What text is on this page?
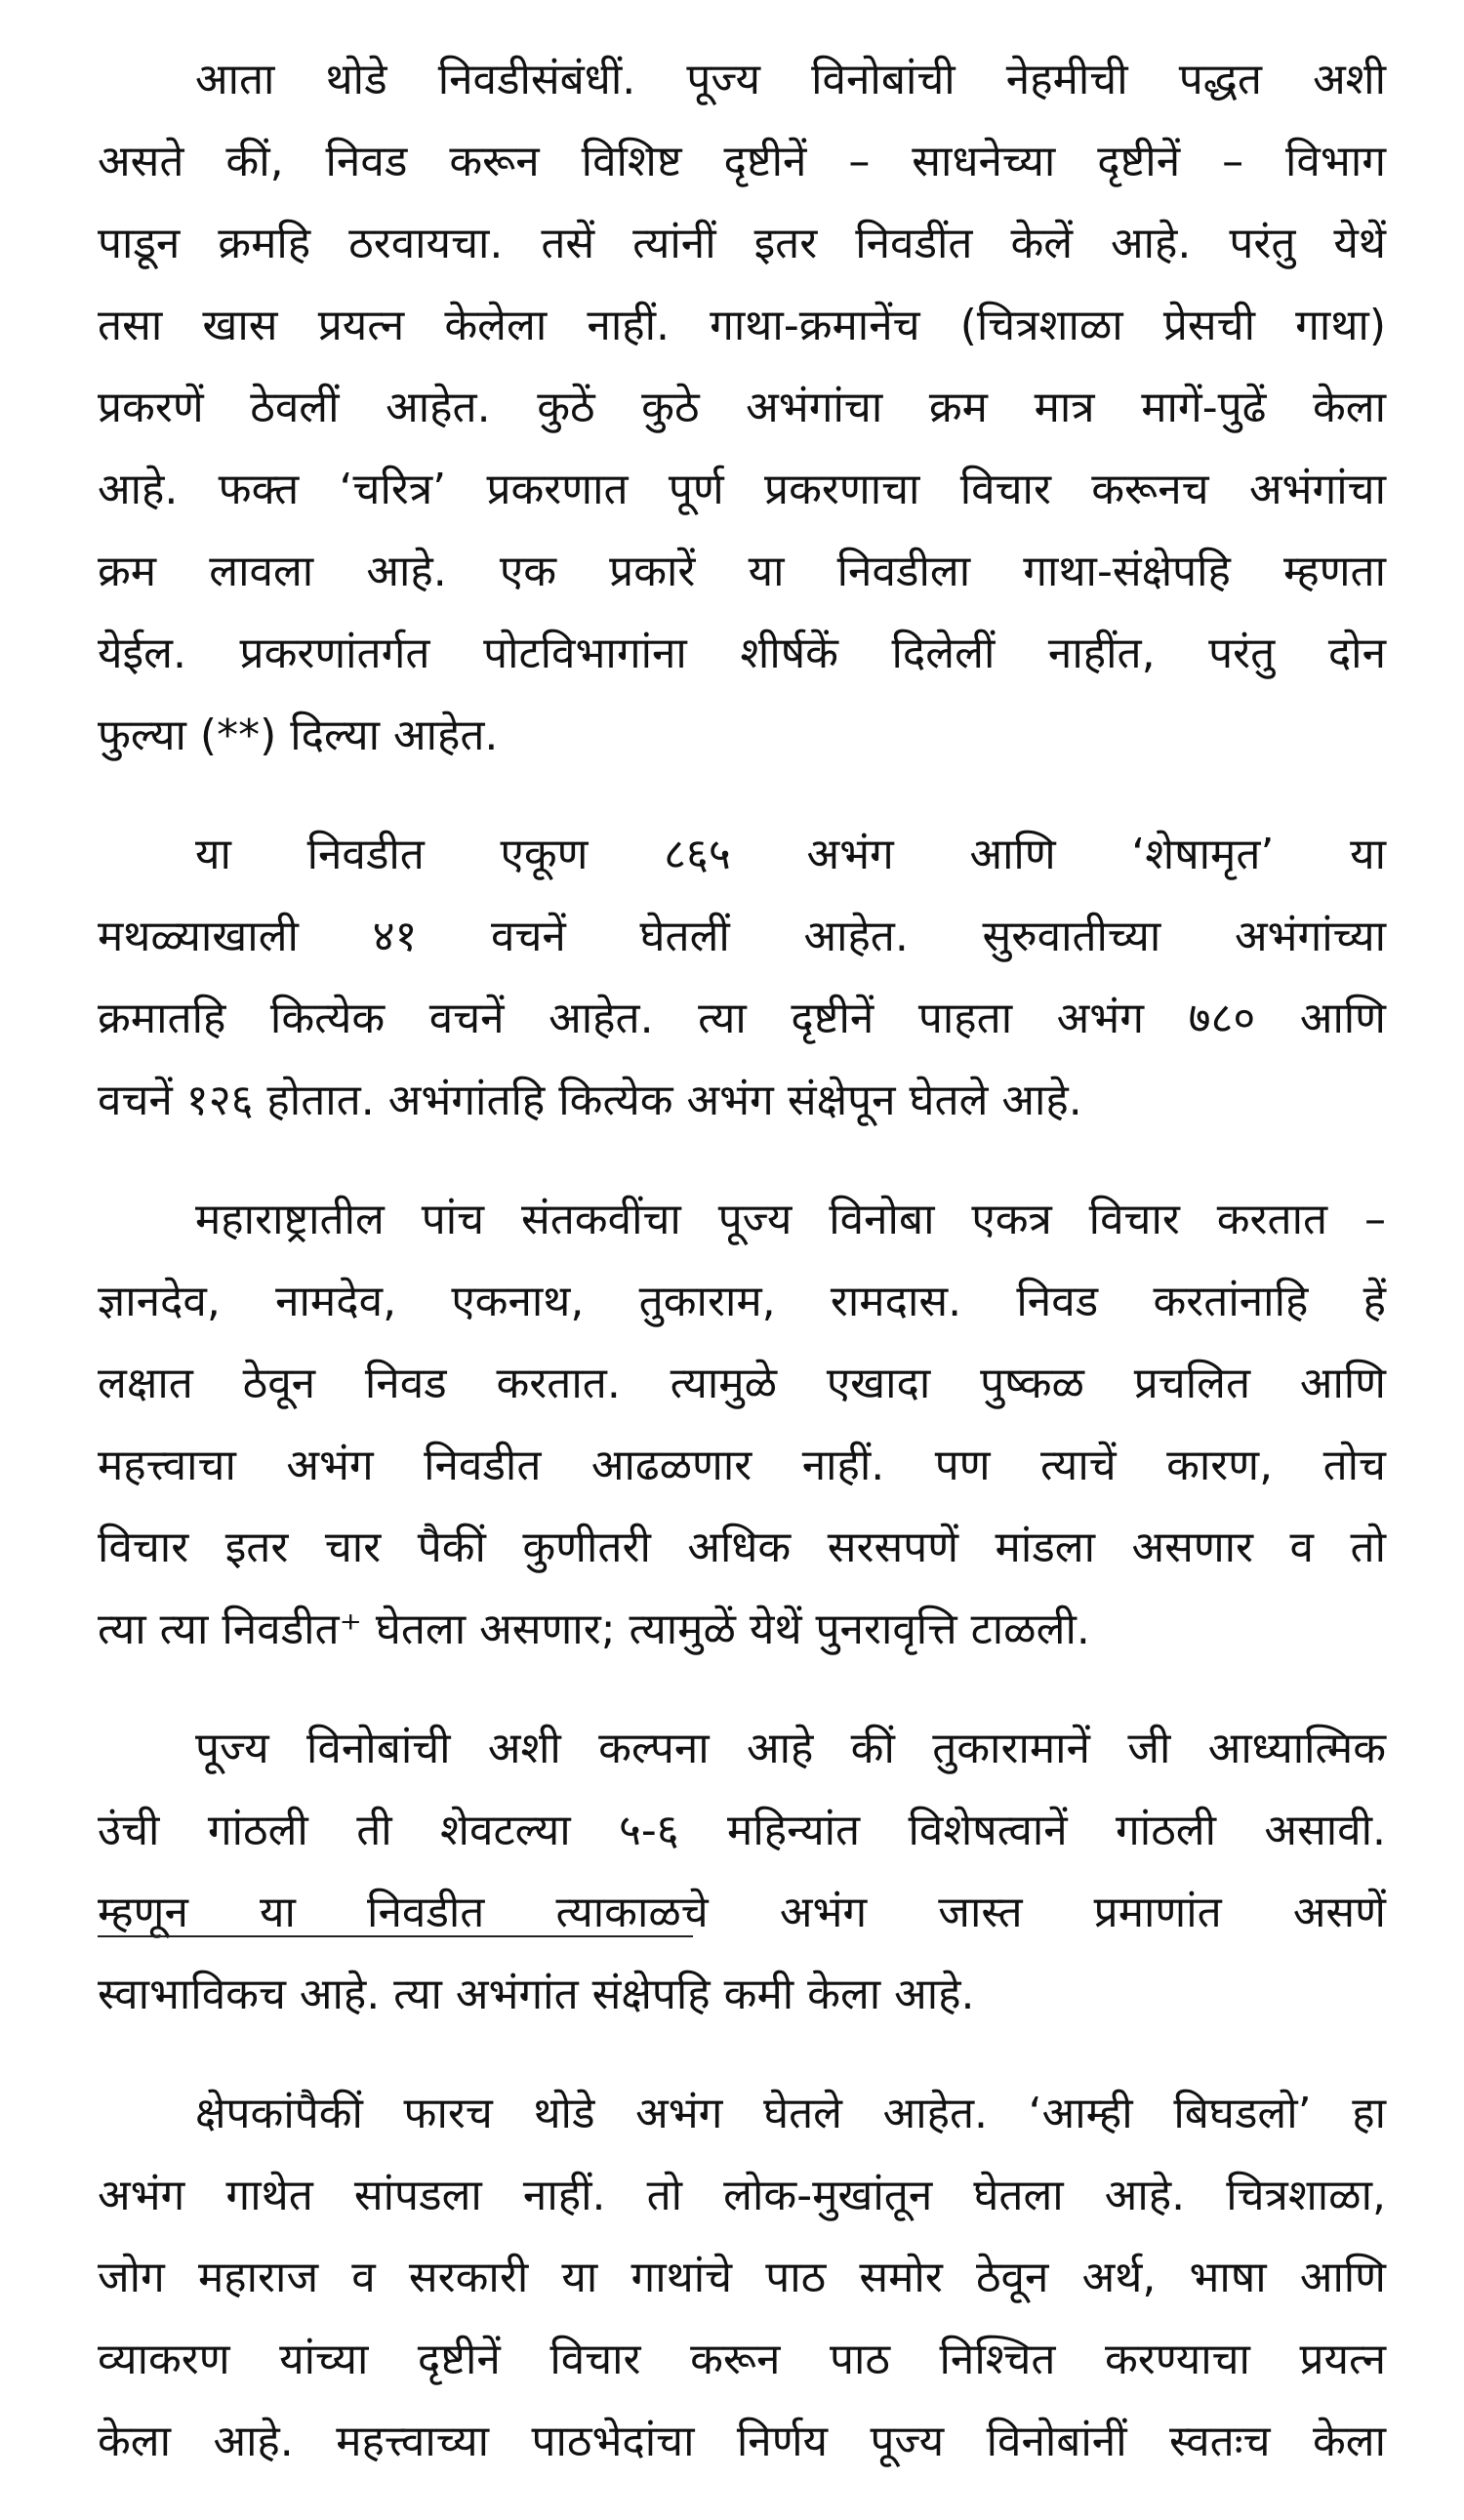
आता थोडे निवडीसंबंधीं. पूज्य विनोबांची नेहमीची पद्धत अशी
असते कीं, निवड करून विशिष्ट दृष्टीनें – साधनेच्या दृष्टीनें – विभाग
पाडून क्रमहि ठरवायचा. तसें त्यांनीं इतर निवडींत केलें आहे. परंतु येथें
तसा खास प्रयत्न केलेला नाहीं. गाथा-क्रमानेंच (चित्रशाळा प्रेसची गाथा)
प्रकरणें ठेवलीं आहेत. कुठें कुठे अभंगांचा क्रम मात्र मागें-पुढें केला
आहे. फक्त ‘चरित्र’ प्रकरणात पूर्ण प्रकरणाचा विचार करूनच अभंगांचा
क्रम लावला आहे. एक प्रकारें या निवडीला गाथा-संक्षेपहि म्हणता
येईल. प्रकरणांतर्गत पोटविभागांना शीर्षकें दिलेलीं नाहींत, परंतु दोन
फुल्या (**) दिल्या आहेत.
या निवडीत एकूण ८६५ अभंग आणि ‘शेषामृत’ या
मथळ्याखाली ४१ वचनें घेतलीं आहेत. सुरुवातीच्या अभंगांच्या
क्रमातहि कित्येक वचनें आहेत. त्या दृष्टीनें पाहता अभंग ७८० आणि
वचनें १२६ होतात. अभंगांतहि कित्येक अभंग संक्षेपून घेतले आहे.
महाराष्ट्रातील पांच संतकवींचा पूज्य विनोबा एकत्र विचार करतात –
ज्ञानदेव, नामदेव, एकनाथ, तुकाराम, रामदास. निवड करतांनाहि हें
लक्षात ठेवून निवड करतात. त्यामुळे एखादा पुष्कळ प्रचलित आणि
महत्त्वाचा अभंग निवडीत आढळणार नाहीं. पण त्याचें कारण, तोच
विचार इतर चार पैकीं कुणीतरी अधिक सरसपणें मांडला असणार व तो
त्या त्या निवडीत⁺ घेतला असणार; त्यामुळें येथें पुनरावृत्ति टाळली.
पूज्य विनोबांची अशी कल्पना आहे कीं तुकारामानें जी आध्यात्मिक
उंची गांठली ती शेवटल्या ५-६ महिन्यांत विशेषत्वानें गांठली असावी.
म्हणून या निवडीत त्याकाळचे अभंग जास्त प्रमाणांत असणें
स्वाभाविकच आहे. त्या अभंगांत संक्षेपहि कमी केला आहे.
क्षेपकांपैकीं फारच थोडे अभंग घेतले आहेत. ‘आम्ही बिघडलो’ हा
अभंग गाथेत सांपडला नाहीं. तो लोक-मुखांतून घेतला आहे. चित्रशाळा,
जोग महाराज व सरकारी या गाथांचे पाठ समोर ठेवून अर्थ, भाषा आणि
व्याकरण यांच्या दृष्टीनें विचार करून पाठ निश्चित करण्याचा प्रयत्न
केला आहे. महत्त्वाच्या पाठभेदांचा निर्णय पूज्य विनोबांनीं स्वतःच केला
